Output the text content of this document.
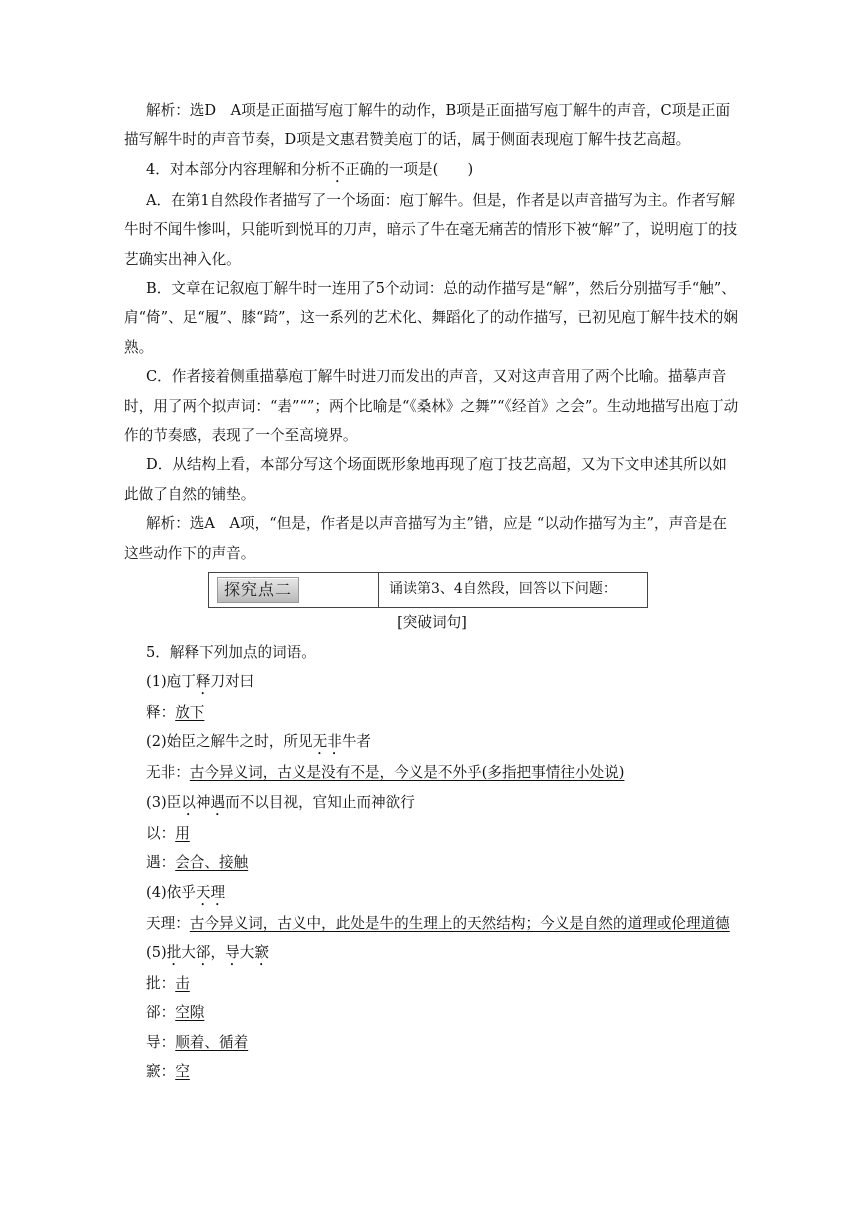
解析：选D　A项是正面描写庖丁解牛的动作，B项是正面描写庖丁解牛的声音，C项是正面描写解牛时的声音节奏，D项是文惠君赞美庖丁的话，属于侧面表现庖丁解牛技艺高超。

4．对本部分内容理解和分析不正确的一项是(　　)

A．在第1自然段作者描写了一个场面：庖丁解牛。但是，作者是以声音描写为主。作者写解牛时不闻牛惨叫，只能听到悦耳的刀声，暗示了牛在毫无痛苦的情形下被“解”了，说明庖丁的技艺确实出神入化。

B．文章在记叙庖丁解牛时一连用了5个动词：总的动作描写是“解”，然后分别描写手“触”、肩“倚”、足“履”、膝“踦”，这一系列的艺术化、舞蹈化了的动作描写，已初见庖丁解牛技术的娴熟。

C．作者接着侧重描摹庖丁解牛时进刀而发出的声音，又对这声音用了两个比喻。描摹声音时，用了两个拟声词：“砉”“”；两个比喻是“《桑林》之舞”“《经首》之会”。生动地描写出庖丁动作的节奏感，表现了一个至高境界。

D．从结构上看，本部分写这个场面既形象地再现了庖丁技艺高超，又为下文申述其所以如此做了自然的铺垫。

解析：选A　A项，“但是，作者是以声音描写为主”错，应是 “以动作描写为主”，声音是在这些动作下的声音。

探究点二	诵读第3、4自然段，回答以下问题：

[突破词句]

5．解释下列加点的词语。

(1)庖丁释刀对曰

释：放下

(2)始臣之解牛之时，所见无非牛者

无非：古今异义词，古义是没有不是，今义是不外乎(多指把事情往小处说)

(3)臣以神遇而不以目视，官知止而神欲行

以：用

遇：会合、接触

(4)依乎天理

天理：古今异义词，古义中，此处是牛的生理上的天然结构；今义是自然的道理或伦理道德

(5)批大郤，导大窾

批：击

郤：空隙

导：顺着、循着

窾：空
